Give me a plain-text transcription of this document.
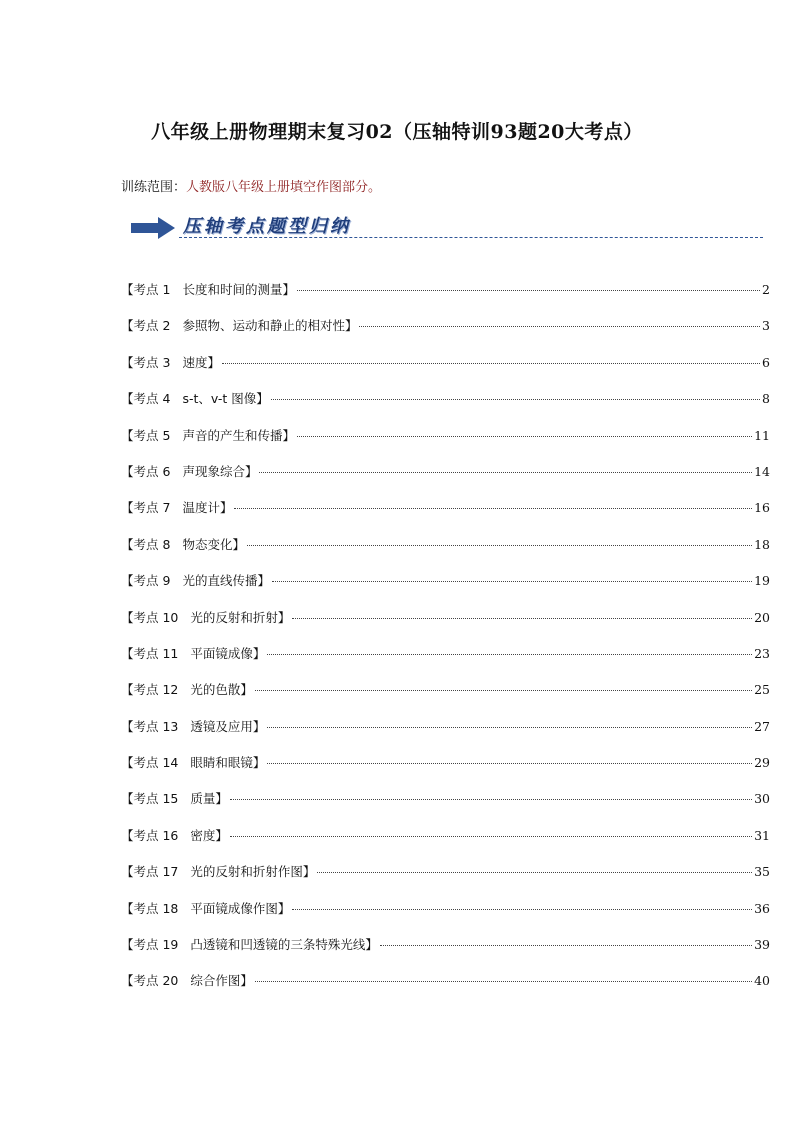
八年级上册物理期末复习02（压轴特训93题20大考点）
训练范围：人教版八年级上册填空作图部分。
压轴考点题型归纳
【考点 1 长度和时间的测量】	2
【考点 2 参照物、运动和静止的相对性】	3
【考点 3 速度】	6
【考点 4 s-t、v-t 图像】	8
【考点 5 声音的产生和传播】	11
【考点 6 声现象综合】	14
【考点 7 温度计】	16
【考点 8 物态变化】	18
【考点 9 光的直线传播】	19
【考点 10 光的反射和折射】	20
【考点 11 平面镜成像】	23
【考点 12 光的色散】	25
【考点 13 透镜及应用】	27
【考点 14 眼睛和眼镜】	29
【考点 15 质量】	30
【考点 16 密度】	31
【考点 17 光的反射和折射作图】	35
【考点 18 平面镜成像作图】	36
【考点 19 凸透镜和凹透镜的三条特殊光线】	39
【考点 20 综合作图】	40
